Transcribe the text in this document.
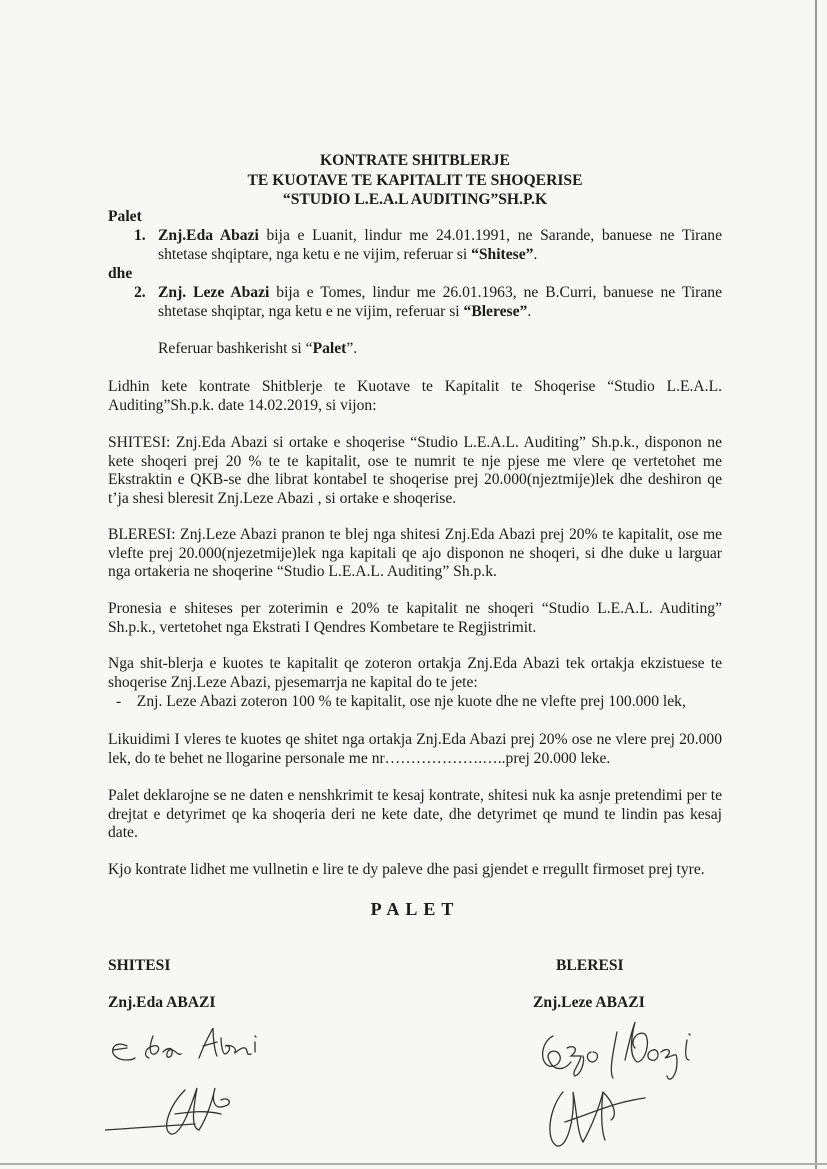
KONTRATE SHITBLERJE
TE KUOTAVE TE KAPITALIT TE SHOQERISE
“STUDIO L.E.A.L AUDITING”SH.P.K
Palet
1. Znj.Eda Abazi bija e Luanit, lindur me 24.01.1991, ne Sarande, banuese ne Tirane shtetase shqiptare, nga ketu e ne vijim, referuar si “Shitese”.
dhe
2. Znj. Leze Abazi bija e Tomes, lindur me 26.01.1963, ne B.Curri, banuese ne Tirane shtetase shqiptar, nga ketu e ne vijim, referuar si “Blerese”.
Referuar bashkerisht si “Palet”.
Lidhin kete kontrate Shitblerje te Kuotave te Kapitalit te Shoqerise “Studio L.E.A.L. Auditing”Sh.p.k. date 14.02.2019, si vijon:
SHITESI: Znj.Eda Abazi si ortake e shoqerise “Studio L.E.A.L. Auditing” Sh.p.k., disponon ne kete shoqeri prej 20 % te te kapitalit, ose te numrit te nje pjese me vlere qe vertetohet me Ekstraktin e QKB-se dhe librat kontabel te shoqerise prej 20.000(njeztmije)lek dhe deshiron qe t’ja shesi bleresit Znj.Leze Abazi , si ortake e shoqerise.
BLERESI: Znj.Leze Abazi pranon te blej nga shitesi Znj.Eda Abazi prej 20% te kapitalit, ose me vlefte prej 20.000(njezetmije)lek nga kapitali qe ajo disponon ne shoqeri, si dhe duke u larguar nga ortakeria ne shoqerine “Studio L.E.A.L. Auditing” Sh.p.k.
Pronesia e shiteses per zoterimin e 20% te kapitalit ne shoqeri “Studio L.E.A.L. Auditing” Sh.p.k., vertetohet nga Ekstrati I Qendres Kombetare te Regjistrimit.
Nga shit-blerja e kuotes te kapitalit qe zoteron ortakja Znj.Eda Abazi tek ortakja ekzistuese te shoqerise Znj.Leze Abazi, pjesemarrja ne kapital do te jete:
-    Znj. Leze Abazi zoteron 100 % te kapitalit, ose nje kuote dhe ne vlefte prej 100.000 lek,
Likuidimi I vleres te kuotes qe shitet nga ortakja Znj.Eda Abazi prej 20% ose ne vlere prej 20.000 lek, do te behet ne llogarine personale me nr……………….…..prej 20.000 leke.
Palet deklarojne se ne daten e nenshkrimit te kesaj kontrate, shitesi nuk ka asnje pretendimi per te drejtat e detyrimet qe ka shoqeria deri ne kete date, dhe detyrimet qe mund te lindin pas kesaj date.
Kjo kontrate lidhet me vullnetin e lire te dy paleve dhe pasi gjendet e rregullt firmoset prej tyre.
PALET
SHITESI	BLERESI
Znj.Eda ABAZI	Znj.Leze ABAZI
